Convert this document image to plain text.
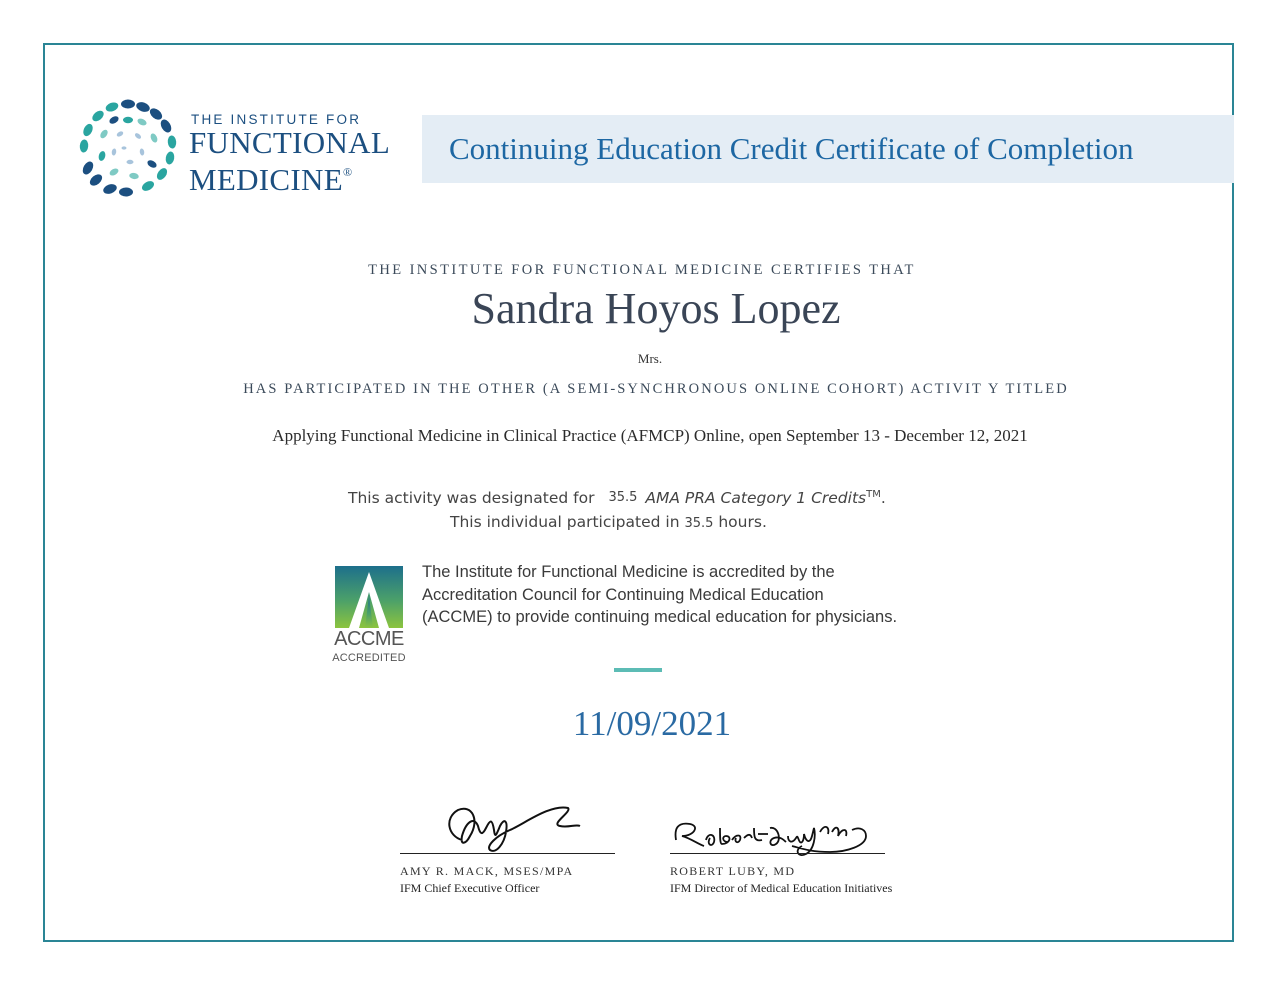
THE INSTITUTE FOR
FUNCTIONAL
MEDICINE®
Continuing Education Credit Certificate of Completion
THE INSTITUTE FOR FUNCTIONAL MEDICINE CERTIFIES THAT
Sandra Hoyos Lopez
Mrs.
HAS PARTICIPATED IN THE OTHER (A SEMI-SYNCHRONOUS ONLINE COHORT) ACTIVIT Y TITLED
Applying Functional Medicine in Clinical Practice (AFMCP) Online, open September 13 - December 12, 2021
This activity was designated for 35.5 AMA PRA Category 1 Credits™.
This individual participated in 35.5 hours.
ACCME
ACCREDITED
The Institute for Functional Medicine is accredited by the
Accreditation Council for Continuing Medical Education
(ACCME) to provide continuing medical education for physicians.
11/09/2021
AMY R. MACK, MSES/MPA
IFM Chief Executive Officer
ROBERT LUBY, MD
IFM Director of Medical Education Initiatives
